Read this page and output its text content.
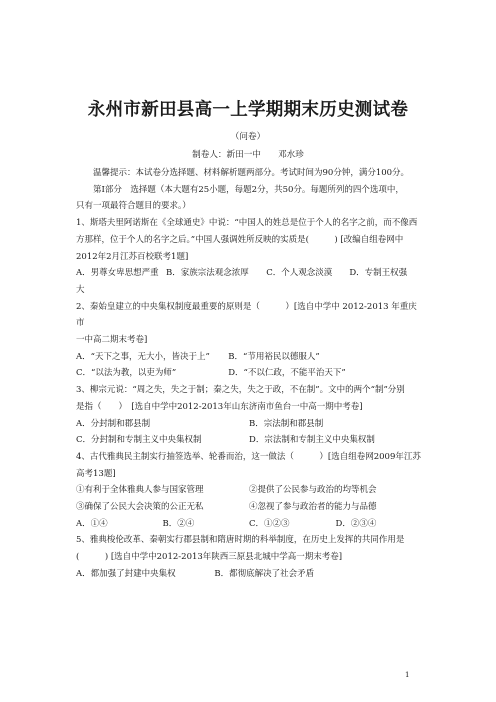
永州市新田县高一上学期期末历史测试卷
（问卷）
制卷人：新田一中　　邓水珍

温馨提示：本试卷分选择题、材料解析题两部分。考试时间为90分钟，满分100分。

第Ⅰ部分　选择题（本大题有25小题，每题2分，共50分。每题所列的四个选项中，

只有一项最符合题目的要求。）

1、斯塔夫里阿诺斯在《全球通史》中说：“中国人的姓总是位于个人的名字之前，而不像西

方那样，位于个人的名字之后。”中国人强调姓所反映的实质是(　　　) [改编自组卷网中

2012年2月江苏百校联考1题]

A．男尊女卑思想严重 B．家族宗法观念浓厚	C．个人观念淡漠	D．专制王权强

大

2、秦始皇建立的中央集权制度最重要的原则是（　　　）[选自中学中 2012-2013 年重庆市

一中高二期末考卷]

A．“天下之事，无大小，皆决于上”	B．“节用裕民以德服人”
C．“以法为教，以吏为师”	D．“不以仁政，不能平治天下”

3、柳宗元说：“周之失，失之于制；秦之失，失之于政，不在制”。文中的两个“制”分别

是指（　　）　[选自中学中2012-2013年山东济南市鱼台一中高一期中考卷]

A．分封制和郡县制	B．宗法制和郡县制
C．分封制和专制主义中央集权制	D．宗法制和专制主义中央集权制

4、古代雅典民主制实行抽签选举、轮番而治，这一做法（　　　）[选自组卷网2009年江苏

高考13题]

①有利于全体雅典人参与国家管理	②提供了公民参与政治的均等机会
③确保了公民大会决策的公正无私	④忽视了参与政治者的能力与品德
A．①④	B．②④	C．①②③	D．②③④

5、雅典梭伦改革、秦朝实行郡县制和隋唐时期的科举制度，在历史上发挥的共同作用是

(　　　) [选自中学中2012-2013年陕西三原县北城中学高一期末考卷]

A．都加强了封建中央集权	B．都彻底解决了社会矛盾
1
